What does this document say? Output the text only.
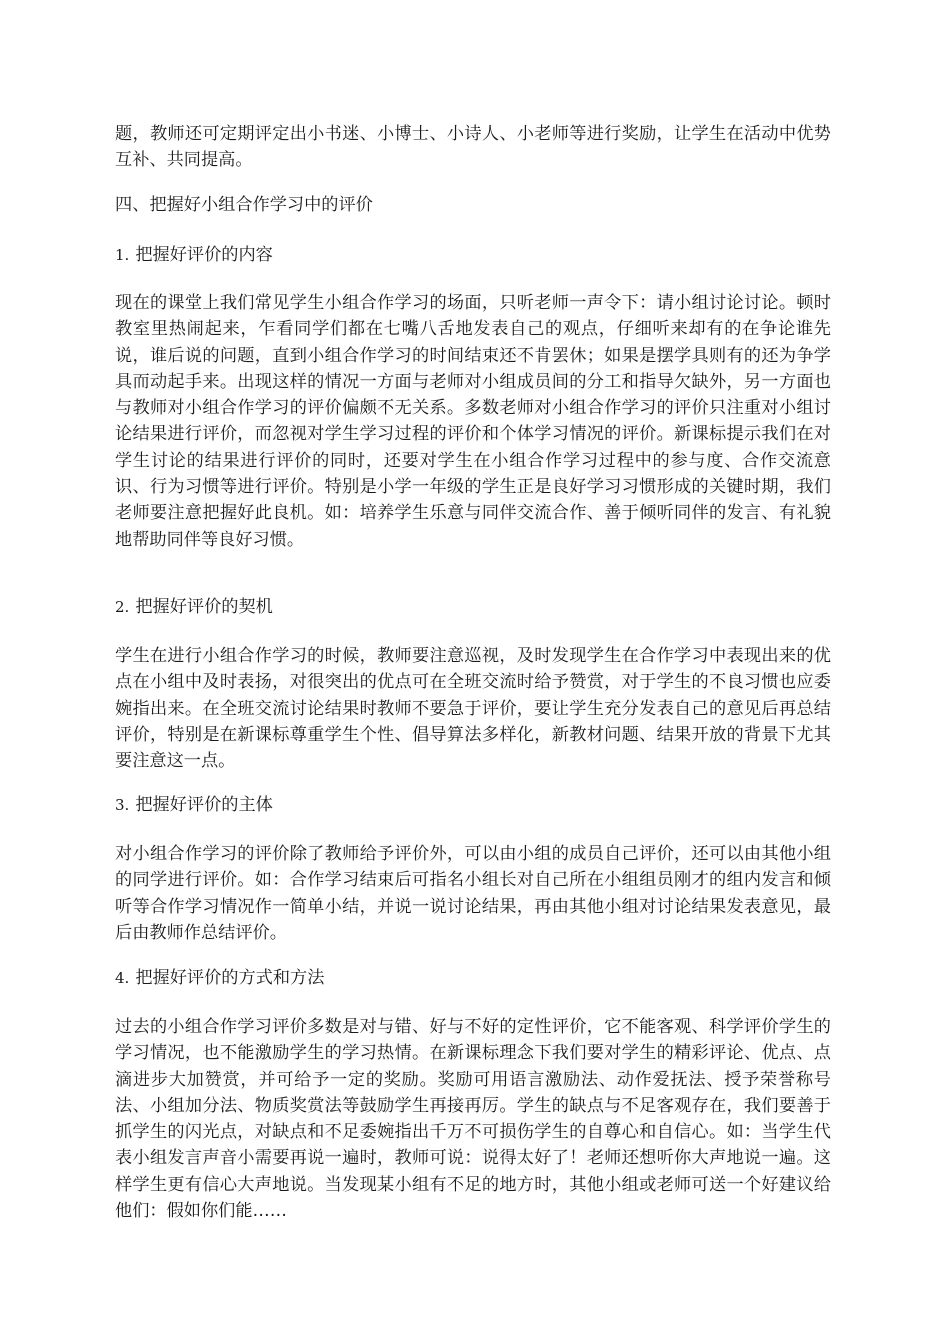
题，教师还可定期评定出小书迷、小博士、小诗人、小老师等进行奖励，让学生在活动中优势互补、共同提高。

四、把握好小组合作学习中的评价

1. 把握好评价的内容

现在的课堂上我们常见学生小组合作学习的场面，只听老师一声令下：请小组讨论讨论。顿时教室里热闹起来，乍看同学们都在七嘴八舌地发表自己的观点，仔细听来却有的在争论谁先说，谁后说的问题，直到小组合作学习的时间结束还不肯罢休；如果是摆学具则有的还为争学具而动起手来。出现这样的情况一方面与老师对小组成员间的分工和指导欠缺外，另一方面也与教师对小组合作学习的评价偏颇不无关系。多数老师对小组合作学习的评价只注重对小组讨论结果进行评价，而忽视对学生学习过程的评价和个体学习情况的评价。新课标提示我们在对学生讨论的结果进行评价的同时，还要对学生在小组合作学习过程中的参与度、合作交流意识、行为习惯等进行评价。特别是小学一年级的学生正是良好学习习惯形成的关键时期，我们老师要注意把握好此良机。如：培养学生乐意与同伴交流合作、善于倾听同伴的发言、有礼貌地帮助同伴等良好习惯。

2. 把握好评价的契机

学生在进行小组合作学习的时候，教师要注意巡视，及时发现学生在合作学习中表现出来的优点在小组中及时表扬，对很突出的优点可在全班交流时给予赞赏，对于学生的不良习惯也应委婉指出来。在全班交流讨论结果时教师不要急于评价，要让学生充分发表自己的意见后再总结评价，特别是在新课标尊重学生个性、倡导算法多样化，新教材问题、结果开放的背景下尤其要注意这一点。

3. 把握好评价的主体

对小组合作学习的评价除了教师给予评价外，可以由小组的成员自己评价，还可以由其他小组的同学进行评价。如：合作学习结束后可指名小组长对自己所在小组组员刚才的组内发言和倾听等合作学习情况作一简单小结，并说一说讨论结果，再由其他小组对讨论结果发表意见，最后由教师作总结评价。

4. 把握好评价的方式和方法

过去的小组合作学习评价多数是对与错、好与不好的定性评价，它不能客观、科学评价学生的学习情况，也不能激励学生的学习热情。在新课标理念下我们要对学生的精彩评论、优点、点滴进步大加赞赏，并可给予一定的奖励。奖励可用语言激励法、动作爱抚法、授予荣誉称号法、小组加分法、物质奖赏法等鼓励学生再接再厉。学生的缺点与不足客观存在，我们要善于抓学生的闪光点，对缺点和不足委婉指出千万不可损伤学生的自尊心和自信心。如：当学生代表小组发言声音小需要再说一遍时，教师可说：说得太好了！老师还想听你大声地说一遍。这样学生更有信心大声地说。当发现某小组有不足的地方时，其他小组或老师可送一个好建议给他们：假如你们能……
